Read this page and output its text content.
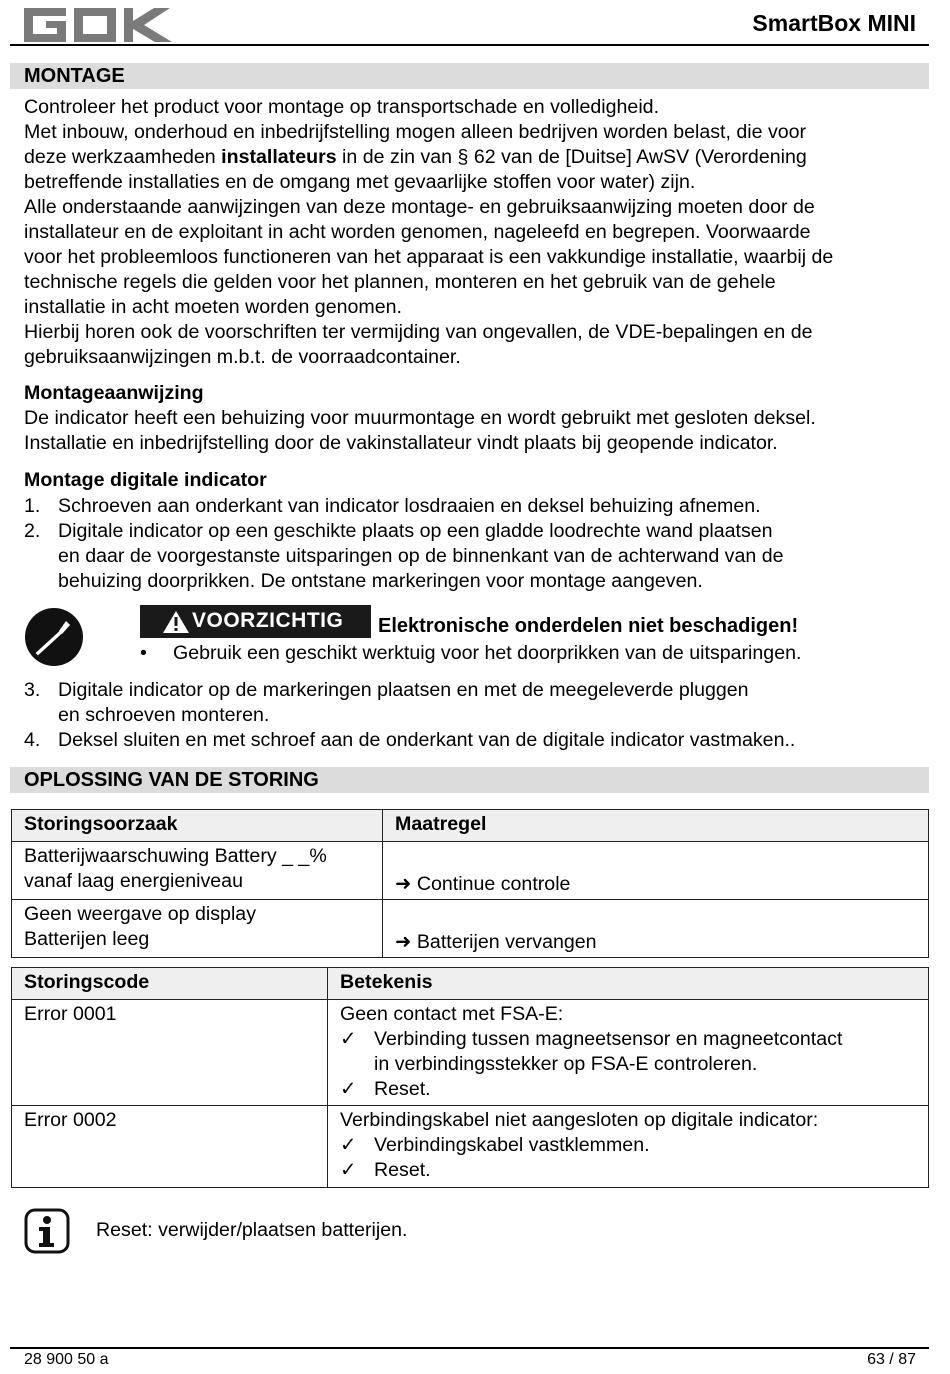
SmartBox MINI
MONTAGE

Controleer het product voor montage op transportschade en volledigheid.

Met inbouw, onderhoud en inbedrijfstelling mogen alleen bedrijven worden belast, die voor

deze werkzaamheden installateurs in de zin van § 62 van de [Duitse] AwSV (Verordening

betreffende installaties en de omgang met gevaarlijke stoffen voor water) zijn.

Alle onderstaande aanwijzingen van deze montage- en gebruiksaanwijzing moeten door de

installateur en de exploitant in acht worden genomen, nageleefd en begrepen. Voorwaarde

voor het probleemloos functioneren van het apparaat is een vakkundige installatie, waarbij de

technische regels die gelden voor het plannen, monteren en het gebruik van de gehele

installatie in acht moeten worden genomen.

Hierbij horen ook de voorschriften ter vermijding van ongevallen, de VDE-bepalingen en de

gebruiksaanwijzingen m.b.t. de voorraadcontainer.

Montageaanwijzing

De indicator heeft een behuizing voor muurmontage en wordt gebruikt met gesloten deksel.

Installatie en inbedrijfstelling door de vakinstallateur vindt plaats bij geopende indicator.

Montage digitale indicator
1. Schroeven aan onderkant van indicator losdraaien en deksel behuizing afnemen.
2. Digitale indicator op een geschikte plaats op een gladde loodrechte wand plaatsen
en daar de voorgestanste uitsparingen op de binnenkant van de achterwand van de
behuizing doorprikken. De ontstane markeringen voor montage aangeven.
VOORZICHTIG Elektronische onderdelen niet beschadigen!
• Gebruik een geschikt werktuig voor het doorprikken van de uitsparingen.
3. Digitale indicator op de markeringen plaatsen en met de meegeleverde pluggen
en schroeven monteren.
4. Deksel sluiten en met schroef aan de onderkant van de digitale indicator vastmaken..
OPLOSSING VAN DE STORING
Storingsoorzaak	Maatregel

Batterijwaarschuwing Battery _ _%
vanaf laag energieniveau	➜ Continue controle

Geen weergave op display
Batterijen leeg	➜ Batterijen vervangen
Storingscode	Betekenis
Error 0001	Geen contact met FSA-E:
✓ Verbinding tussen magneetsensor en magneetcontact
in verbindingsstekker op FSA-E controleren.
✓ Reset.

Error 0002	Verbindingskabel niet aangesloten op digitale indicator:
✓ Verbindingskabel vastklemmen.
✓ Reset.
Reset: verwijder/plaatsen batterijen.
28 900 50 a	63 / 87
